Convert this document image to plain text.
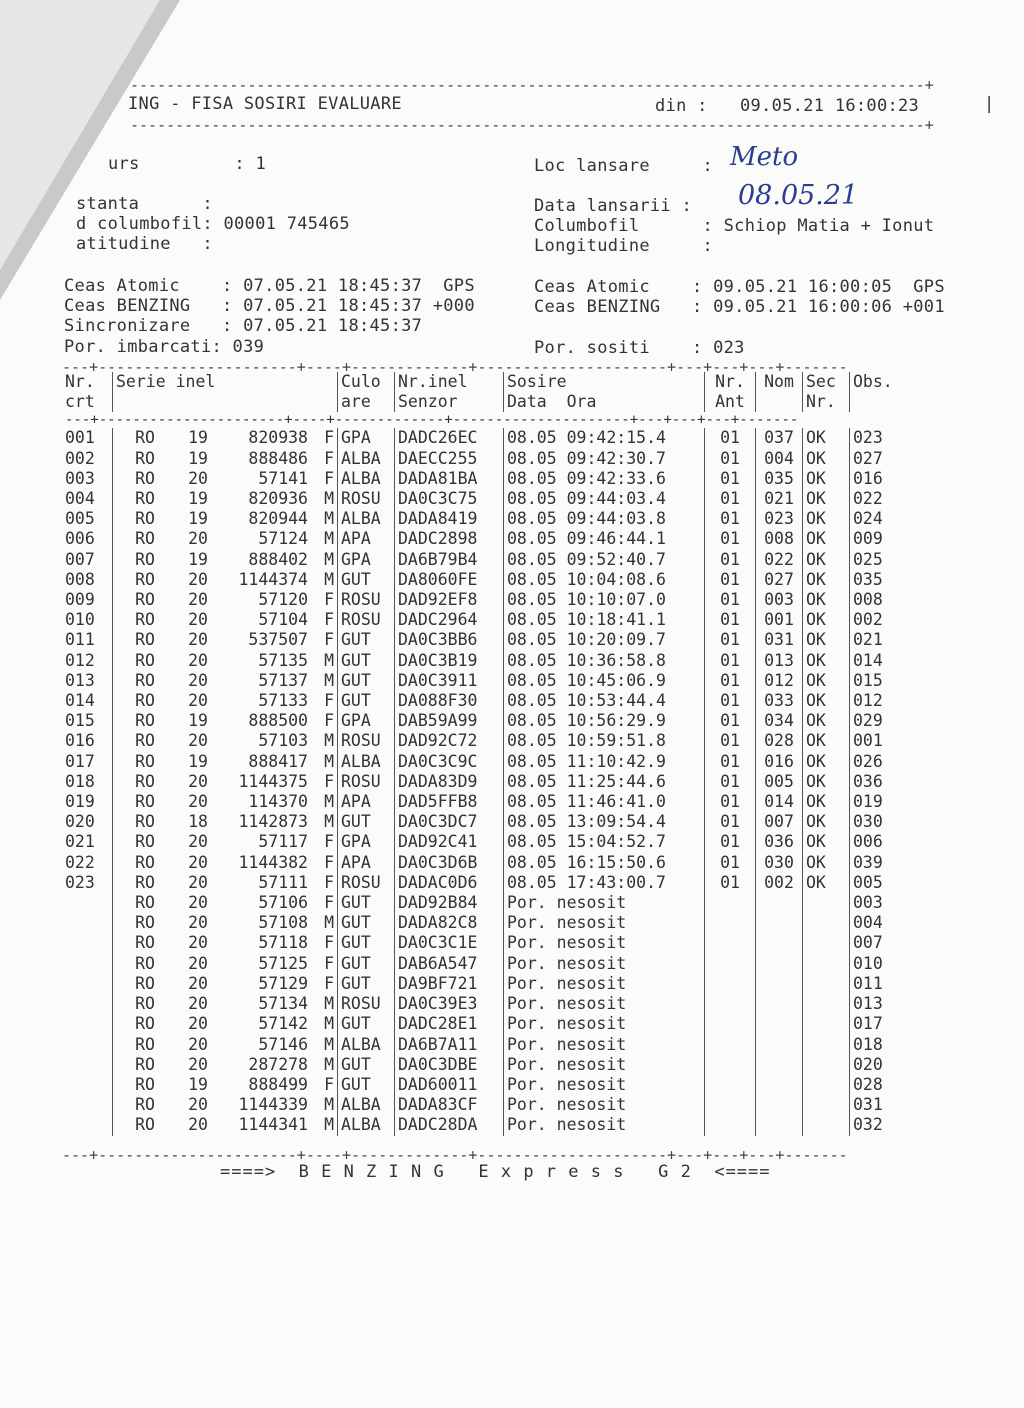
----------------------------------------------------------------------------------------+
ING - FISA SOSIRI EVALUARE	din : 09.05.21 16:00:23	|
----------------------------------------------------------------------------------------+
urs         : 1
stanta      :
d columbofil: 00001 745465
atitudine   :
Loc lansare     :
Data lansarii :
Columbofil      : Schiop Matia + Ionut
Longitudine     :
Meto
08.05.21
Ceas Atomic    : 07.05.21 18:45:37  GPS
Ceas BENZING   : 07.05.21 18:45:37 +000
Sincronizare   : 07.05.21 18:45:37
Por. imbarcati: 039
Ceas Atomic    : 09.05.21 16:00:05  GPS
Ceas BENZING   : 09.05.21 16:00:06 +001
Por. sositi    : 023
---+----------------------+----+-------------+---------------------+---+---+---+-------
Nr.	Serie inel				Culo	Nr.inel	Sosire	Nr.	Nom	Sec	Obs.
crt					are	Senzor	Data  Ora	Ant		Nr.	
---+----------------------+----+-------------+---------------------+---+---+---+-------											
001	RO	19	820938	F	GPA	DADC26EC	08.05 09:42:15.4	01	037	OK	023
002	RO	19	888486	F	ALBA	DAECC255	08.05 09:42:30.7	01	004	OK	027
003	RO	20	57141	F	ALBA	DADA81BA	08.05 09:42:33.6	01	035	OK	016
004	RO	19	820936	M	ROSU	DA0C3C75	08.05 09:44:03.4	01	021	OK	022
005	RO	19	820944	M	ALBA	DADA8419	08.05 09:44:03.8	01	023	OK	024
006	RO	20	57124	M	APA	DADC2898	08.05 09:46:44.1	01	008	OK	009
007	RO	19	888402	M	GPA	DA6B79B4	08.05 09:52:40.7	01	022	OK	025
008	RO	20	1144374	M	GUT	DA8060FE	08.05 10:04:08.6	01	027	OK	035
009	RO	20	57120	F	ROSU	DAD92EF8	08.05 10:10:07.0	01	003	OK	008
010	RO	20	57104	F	ROSU	DADC2964	08.05 10:18:41.1	01	001	OK	002
011	RO	20	537507	F	GUT	DA0C3BB6	08.05 10:20:09.7	01	031	OK	021
012	RO	20	57135	M	GUT	DA0C3B19	08.05 10:36:58.8	01	013	OK	014
013	RO	20	57137	M	GUT	DA0C3911	08.05 10:45:06.9	01	012	OK	015
014	RO	20	57133	F	GUT	DA088F30	08.05 10:53:44.4	01	033	OK	012
015	RO	19	888500	F	GPA	DAB59A99	08.05 10:56:29.9	01	034	OK	029
016	RO	20	57103	M	ROSU	DAD92C72	08.05 10:59:51.8	01	028	OK	001
017	RO	19	888417	M	ALBA	DA0C3C9C	08.05 11:10:42.9	01	016	OK	026
018	RO	20	1144375	F	ROSU	DADA83D9	08.05 11:25:44.6	01	005	OK	036
019	RO	20	114370	M	APA	DAD5FFB8	08.05 11:46:41.0	01	014	OK	019
020	RO	18	1142873	M	GUT	DA0C3DC7	08.05 13:09:54.4	01	007	OK	030
021	RO	20	57117	F	GPA	DAD92C41	08.05 15:04:52.7	01	036	OK	006
022	RO	20	1144382	F	APA	DA0C3D6B	08.05 16:15:50.6	01	030	OK	039
023	RO	20	57111	F	ROSU	DADAC0D6	08.05 17:43:00.7	01	002	OK	005
	RO	20	57106	F	GUT	DAD92B84	Por. nesosit				003
	RO	20	57108	M	GUT	DADA82C8	Por. nesosit				004
	RO	20	57118	F	GUT	DA0C3C1E	Por. nesosit				007
	RO	20	57125	F	GUT	DAB6A547	Por. nesosit				010
	RO	20	57129	F	GUT	DA9BF721	Por. nesosit				011
	RO	20	57134	M	ROSU	DA0C39E3	Por. nesosit				013
	RO	20	57142	M	GUT	DADC28E1	Por. nesosit				017
	RO	20	57146	M	ALBA	DA6B7A11	Por. nesosit				018
	RO	20	287278	M	GUT	DA0C3DBE	Por. nesosit				020
	RO	19	888499	F	GUT	DAD60011	Por. nesosit				028
	RO	20	1144339	M	ALBA	DADA83CF	Por. nesosit				031
	RO	20	1144341	M	ALBA	DADC28DA	Por. nesosit				032
---+----------------------+----+-------------+---------------------+---+---+---+-------
====>  B E N Z I N G   E x p r e s s   G 2  <====
